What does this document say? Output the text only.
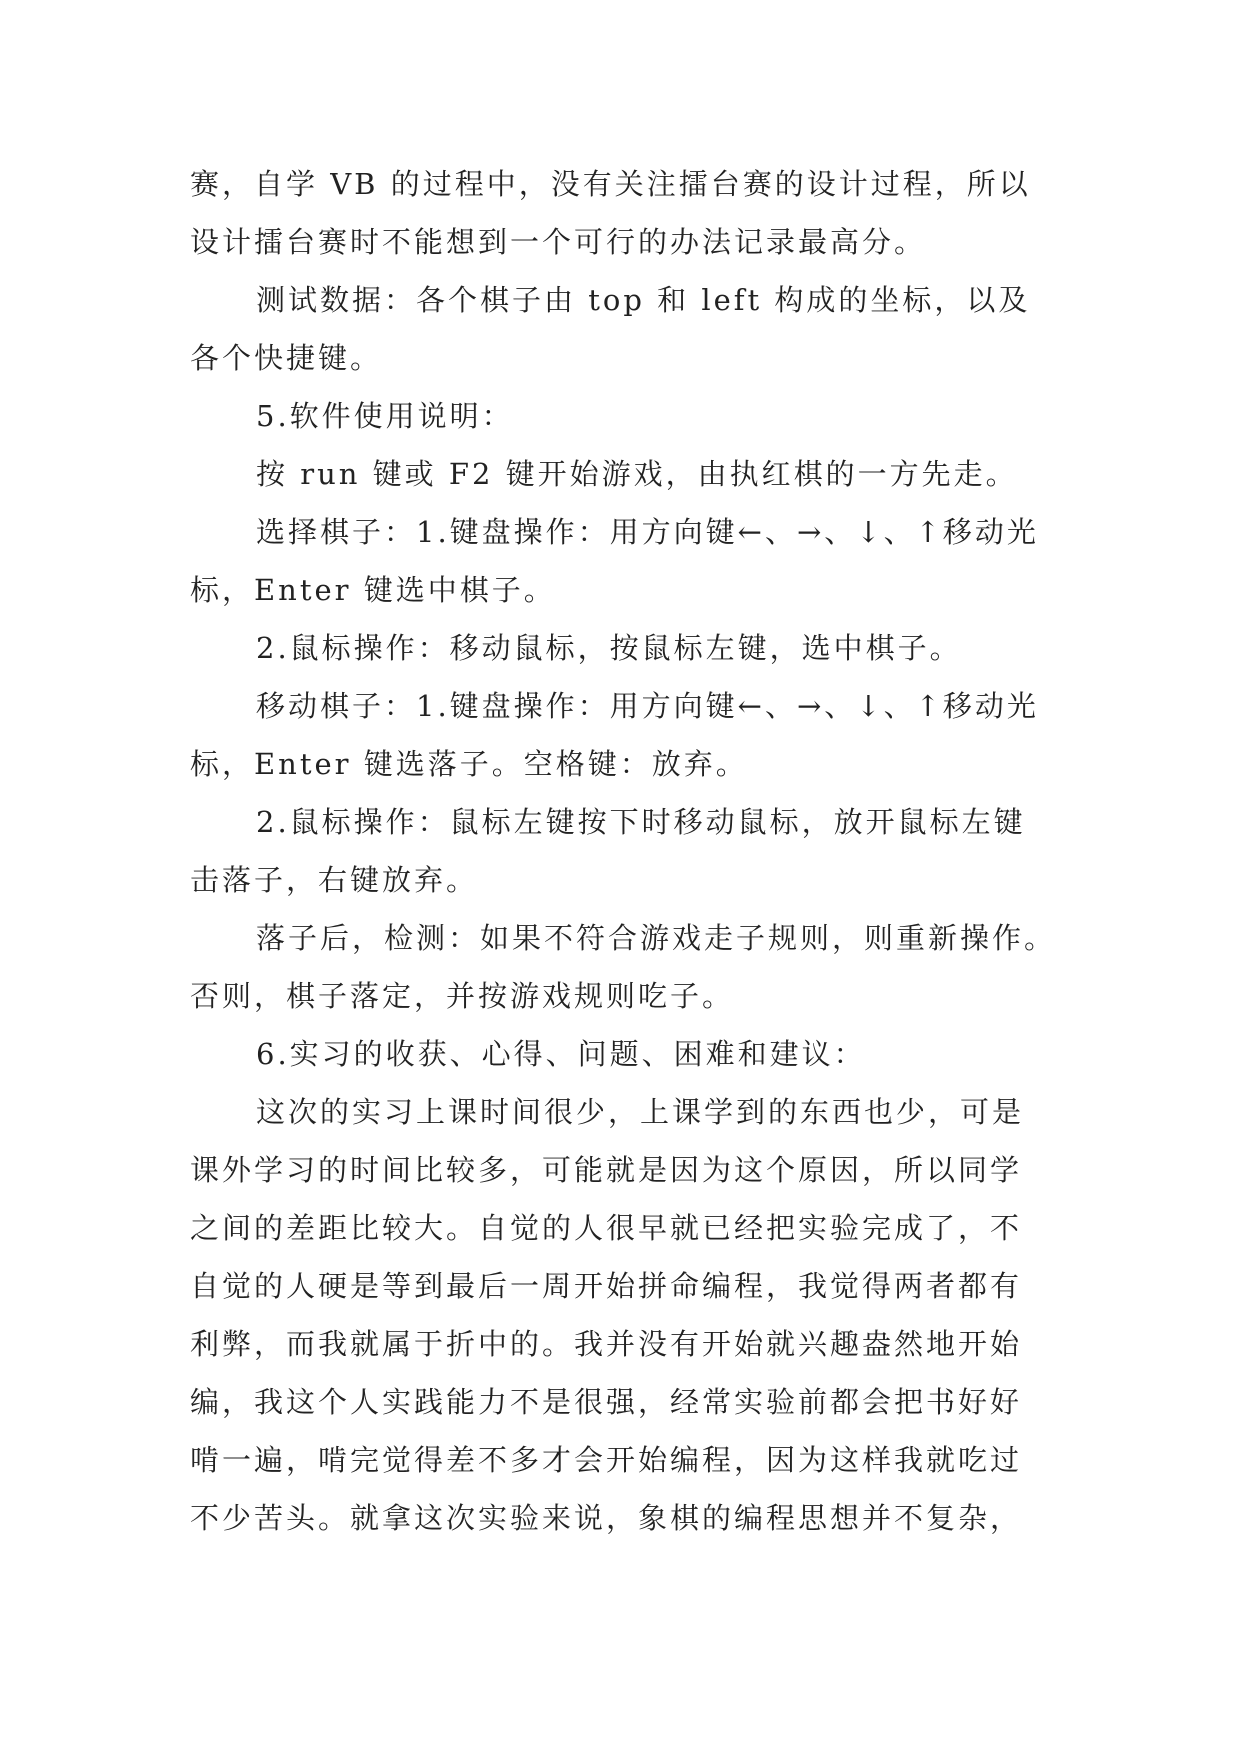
赛，自学 VB 的过程中，没有关注擂台赛的设计过程，所以
设计擂台赛时不能想到一个可行的办法记录最高分。
测试数据：各个棋子由 top 和 left 构成的坐标，以及
各个快捷键。
5.软件使用说明：
按 run 键或 F2 键开始游戏，由执红棋的一方先走。
选择棋子：1.键盘操作：用方向键←、→、↓、↑移动光
标，Enter 键选中棋子。
2.鼠标操作：移动鼠标，按鼠标左键，选中棋子。
移动棋子：1.键盘操作：用方向键←、→、↓、↑移动光
标，Enter 键选落子。空格键：放弃。
2.鼠标操作：鼠标左键按下时移动鼠标，放开鼠标左键
击落子，右键放弃。
落子后，检测：如果不符合游戏走子规则，则重新操作。
否则，棋子落定，并按游戏规则吃子。
6.实习的收获、心得、问题、困难和建议：
这次的实习上课时间很少，上课学到的东西也少，可是
课外学习的时间比较多，可能就是因为这个原因，所以同学
之间的差距比较大。自觉的人很早就已经把实验完成了，不
自觉的人硬是等到最后一周开始拼命编程，我觉得两者都有
利弊，而我就属于折中的。我并没有开始就兴趣盎然地开始
编，我这个人实践能力不是很强，经常实验前都会把书好好
啃一遍，啃完觉得差不多才会开始编程，因为这样我就吃过
不少苦头。就拿这次实验来说，象棋的编程思想并不复杂，
